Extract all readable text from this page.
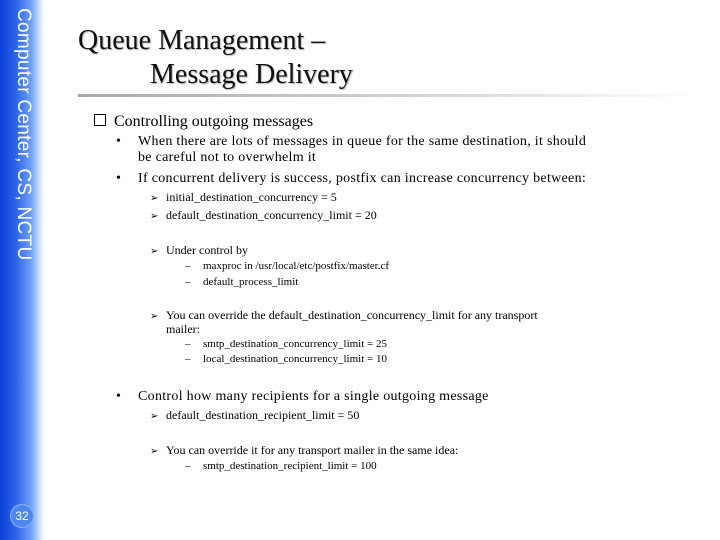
Computer Center, CS, NCTU
32
Queue Management –
Message Delivery
Controlling outgoing messages
• When there are lots of messages in queue for the same destination, it should
be careful not to overwhelm it
• If concurrent delivery is success, postfix can increase concurrency between:
➢ initial_destination_concurrency = 5
➢ default_destination_concurrency_limit = 20
➢ Under control by
– maxproc in /usr/local/etc/postfix/master.cf
– default_process_limit
➢ You can override the default_destination_concurrency_limit for any transport
mailer:
– smtp_destination_concurrency_limit = 25
– local_destination_concurrency_limit = 10
• Control how many recipients for a single outgoing message
➢ default_destination_recipient_limit = 50
➢ You can override it for any transport mailer in the same idea:
– smtp_destination_recipient_limit = 100
